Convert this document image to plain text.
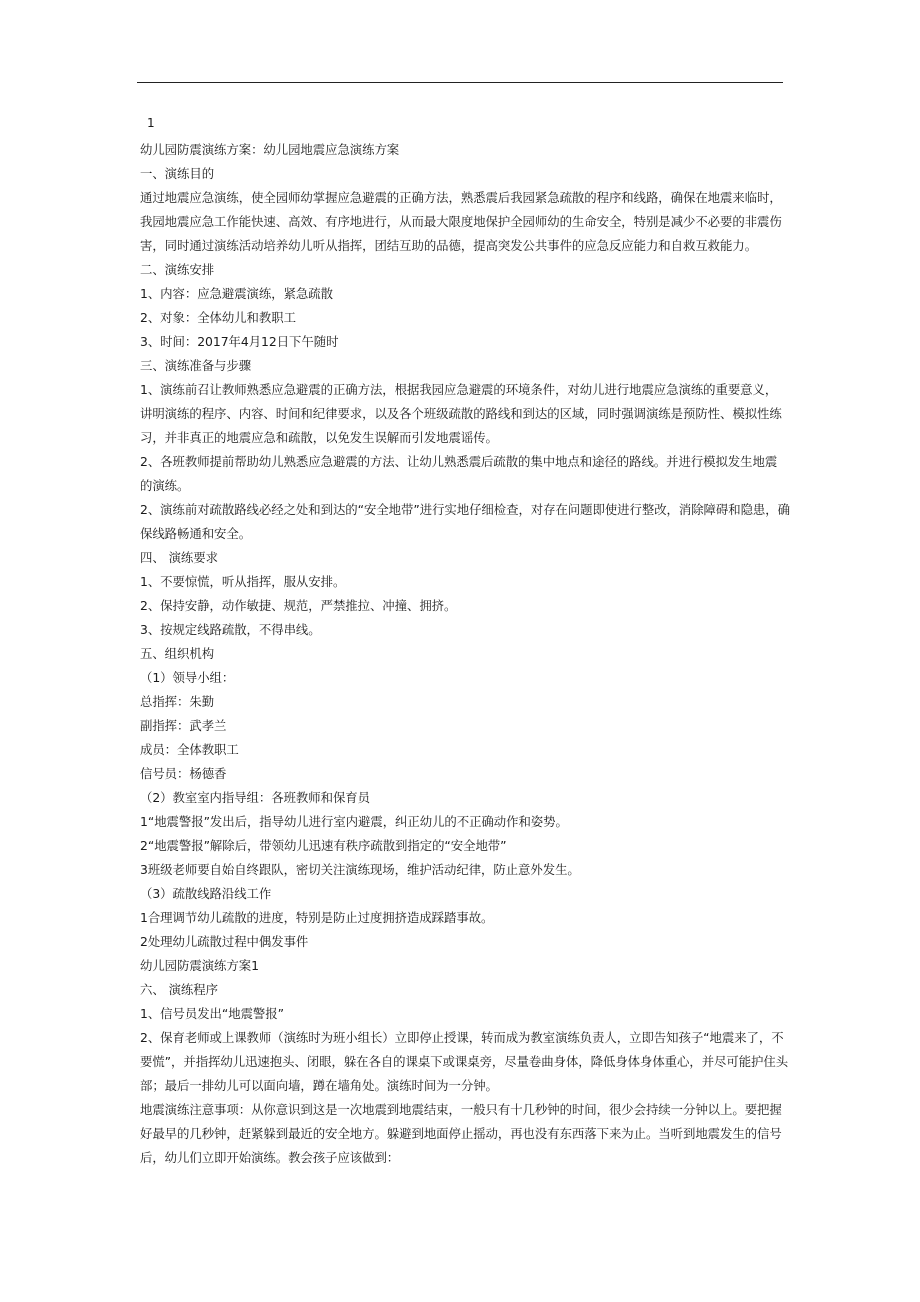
1
幼儿园防震演练方案：幼儿园地震应急演练方案
一、演练目的
通过地震应急演练，使全园师幼掌握应急避震的正确方法，熟悉震后我园紧急疏散的程序和线路，确保在地震来临时，
我园地震应急工作能快速、高效、有序地进行，从而最大限度地保护全园师幼的生命安全，特别是减少不必要的非震伤
害，同时通过演练活动培养幼儿听从指挥，团结互助的品德，提高突发公共事件的应急反应能力和自救互救能力。
二、演练安排
1、内容：应急避震演练，紧急疏散
2、对象：全体幼儿和教职工
3、时间：2017年4月12日下午随时
三、演练准备与步骤
1、演练前召让教师熟悉应急避震的正确方法，根据我园应急避震的环境条件，对幼儿进行地震应急演练的重要意义，
讲明演练的程序、内容、时间和纪律要求，以及各个班级疏散的路线和到达的区域，同时强调演练是预防性、模拟性练
习，并非真正的地震应急和疏散，以免发生误解而引发地震谣传。
2、各班教师提前帮助幼儿熟悉应急避震的方法、让幼儿熟悉震后疏散的集中地点和途径的路线。并进行模拟发生地震
的演练。
2、演练前对疏散路线必经之处和到达的“安全地带”进行实地仔细检查，对存在问题即使进行整改，消除障碍和隐患，确
保线路畅通和安全。
四、 演练要求
1、不要惊慌，听从指挥，服从安排。
2、保持安静，动作敏捷、规范，严禁推拉、冲撞、拥挤。
3、按规定线路疏散，不得串线。
五、组织机构
（1）领导小组：
总指挥：朱勤
副指挥：武孝兰
成员：全体教职工
信号员：杨德香
（2）教室室内指导组：各班教师和保育员
1“地震警报”发出后，指导幼儿进行室内避震，纠正幼儿的不正确动作和姿势。
2“地震警报”解除后，带领幼儿迅速有秩序疏散到指定的“安全地带”
3班级老师要自始自终跟队，密切关注演练现场，维护活动纪律，防止意外发生。
（3）疏散线路沿线工作
1合理调节幼儿疏散的进度，特别是防止过度拥挤造成踩踏事故。
2处理幼儿疏散过程中偶发事件
幼儿园防震演练方案1
六、 演练程序
1、信号员发出“地震警报”
2、保育老师或上课教师（演练时为班小组长）立即停止授课，转而成为教室演练负责人，立即告知孩子“地震来了，不
要慌”，并指挥幼儿迅速抱头、闭眼，躲在各自的课桌下或课桌旁，尽量卷曲身体，降低身体身体重心，并尽可能护住头
部；最后一排幼儿可以面向墙，蹲在墙角处。演练时间为一分钟。
地震演练注意事项：从你意识到这是一次地震到地震结束，一般只有十几秒钟的时间，很少会持续一分钟以上。要把握
好最早的几秒钟，赶紧躲到最近的安全地方。躲避到地面停止摇动，再也没有东西落下来为止。当听到地震发生的信号
后，幼儿们立即开始演练。教会孩子应该做到：
